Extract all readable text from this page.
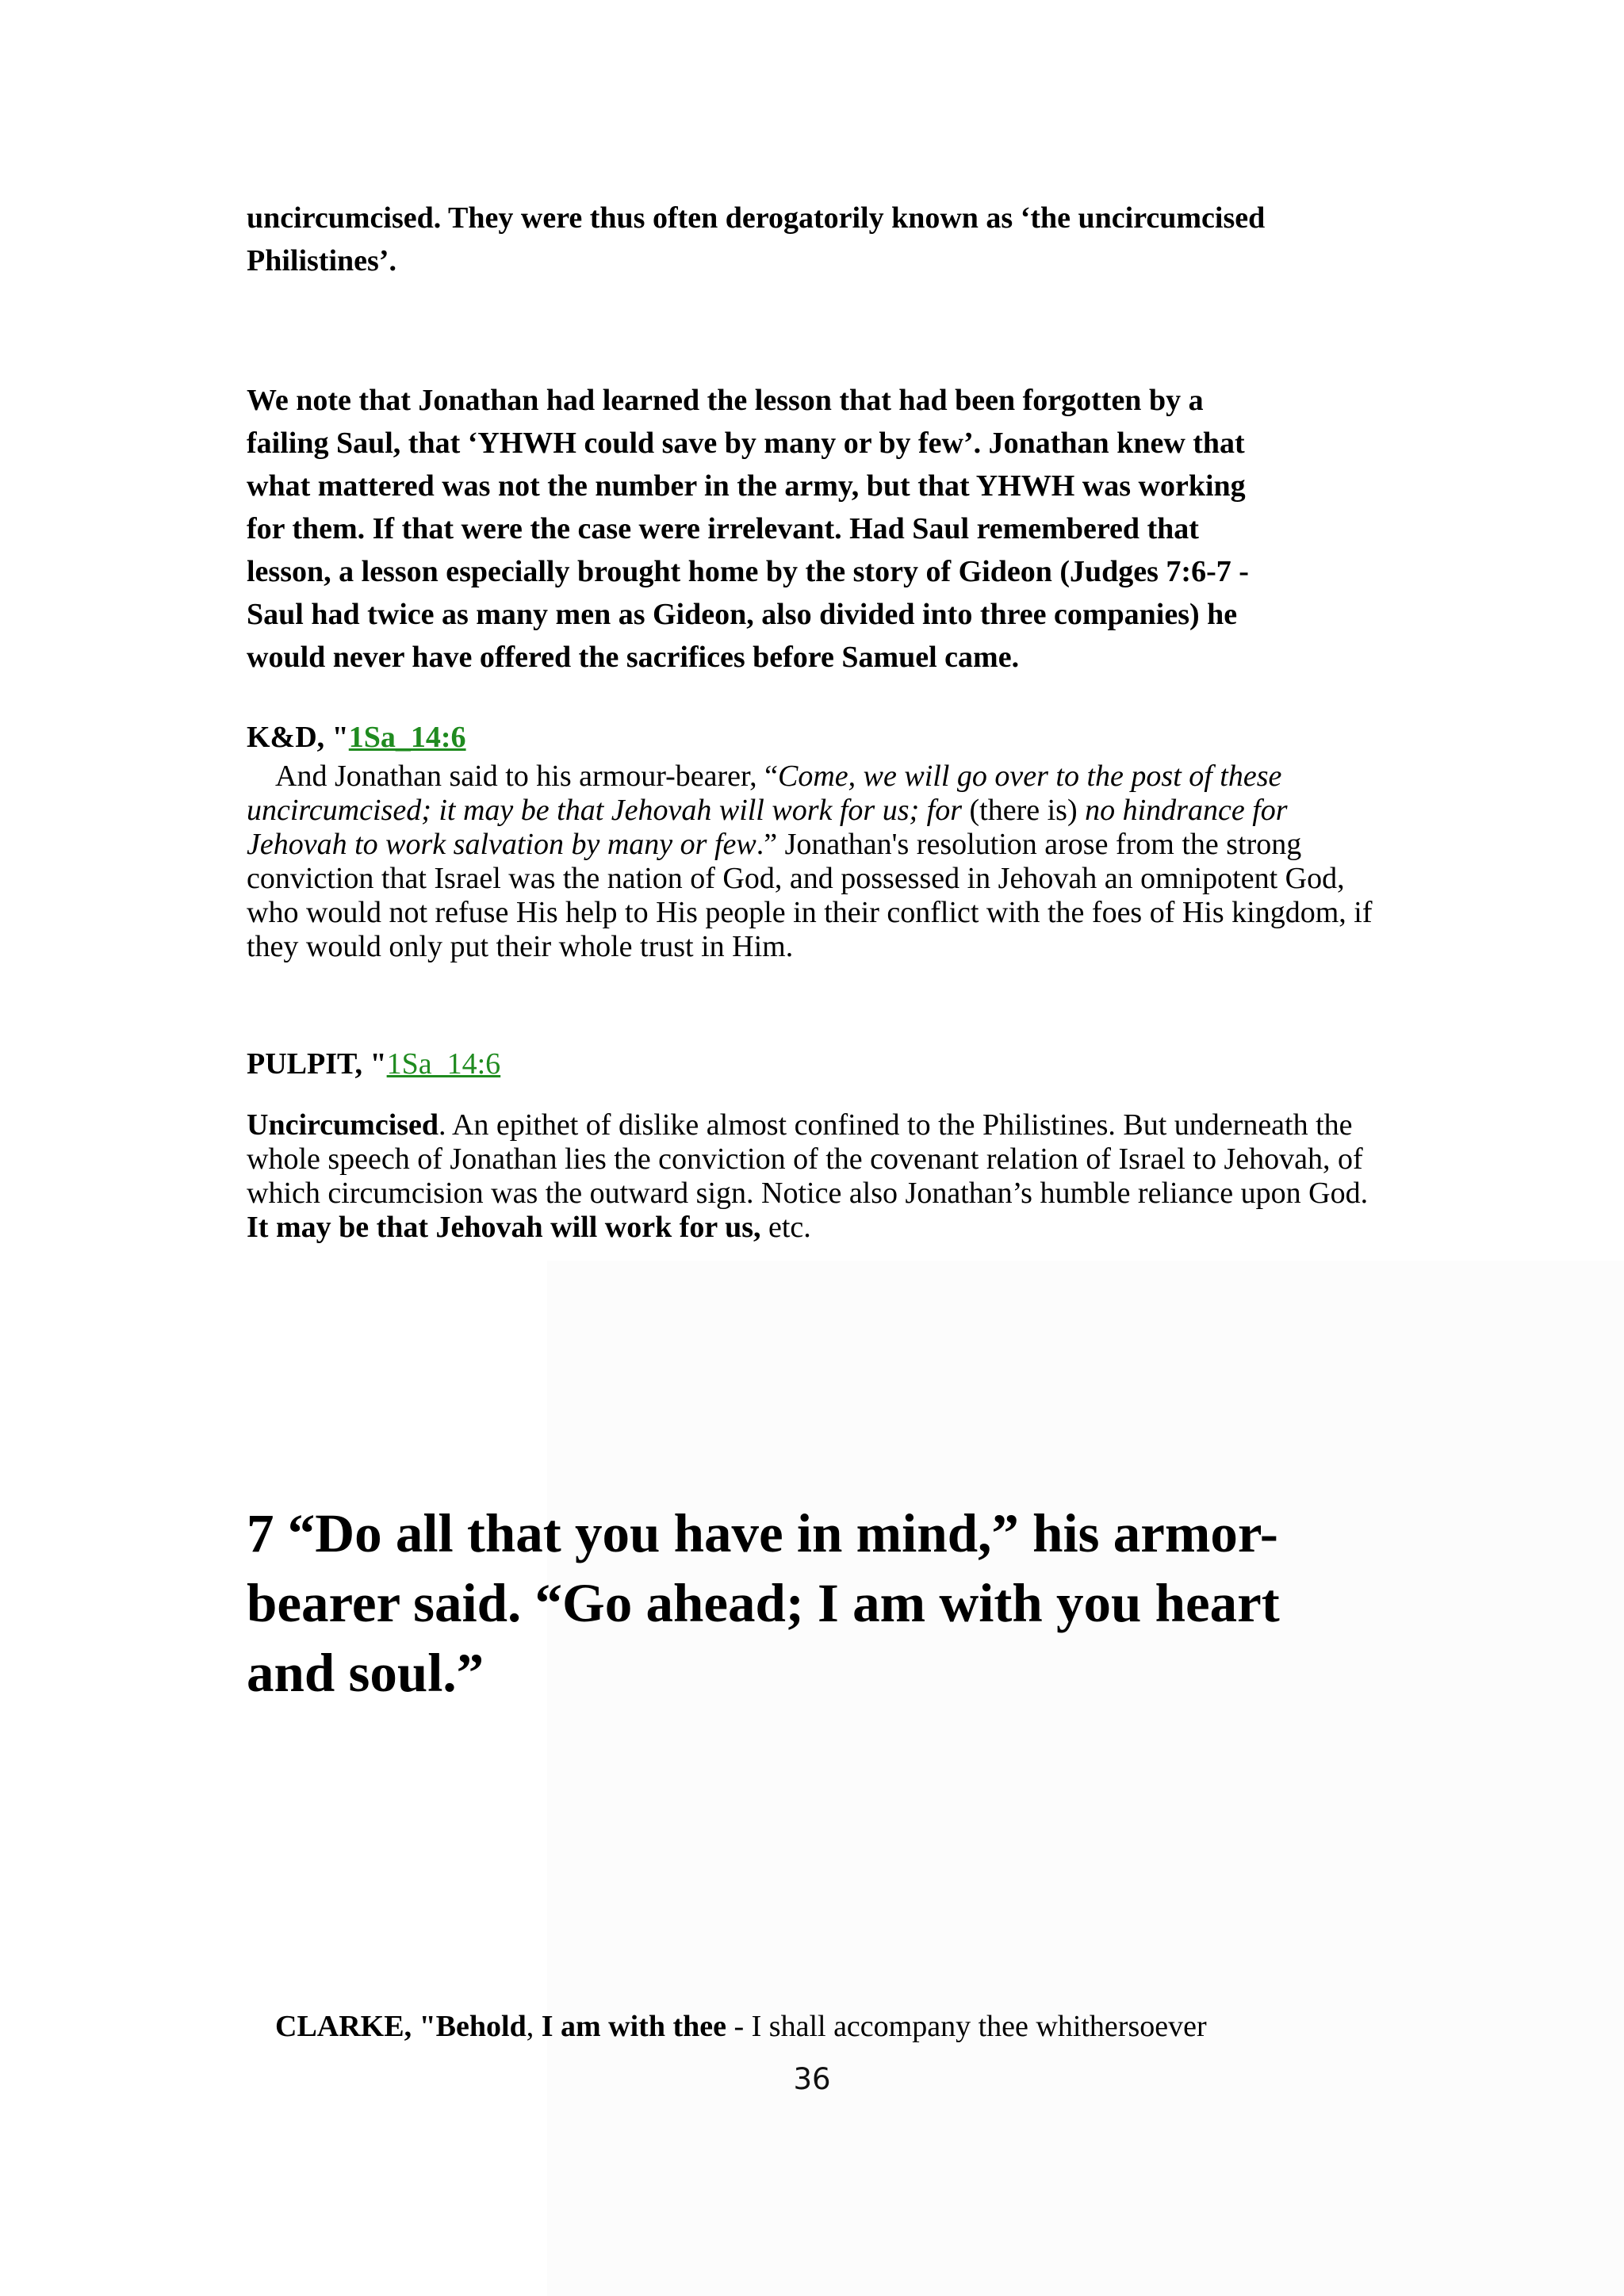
uncircumcised. They were thus often derogatorily known as ‘the uncircumcised
Philistines’.

We note that Jonathan had learned the lesson that had been forgotten by a
failing Saul, that ‘YHWH could save by many or by few’. Jonathan knew that
what mattered was not the number in the army, but that YHWH was working
for them. If that were the case were irrelevant. Had Saul remembered that
lesson, a lesson especially brought home by the story of Gideon (Judges 7:6-7 -
Saul had twice as many men as Gideon, also divided into three companies) he
would never have offered the sacrifices before Samuel came.

K&D, "1Sa_14:6

And Jonathan said to his armour-bearer, “Come, we will go over to the post of these uncircumcised; it may be that Jehovah will work for us; for (there is) no hindrance for Jehovah to work salvation by many or few.” Jonathan's resolution arose from the strong conviction that Israel was the nation of God, and possessed in Jehovah an omnipotent God, who would not refuse His help to His people in their conflict with the foes of His kingdom, if they would only put their whole trust in Him.

PULPIT, "1Sa_14:6

Uncircumcised. An epithet of dislike almost confined to the Philistines. But underneath the whole speech of Jonathan lies the conviction of the covenant relation of Israel to Jehovah, of which circumcision was the outward sign. Notice also Jonathan’s humble reliance upon God. It may be that Jehovah will work for us, etc.

7 “Do all that you have in mind,” his armor-
bearer said. “Go ahead; I am with you heart
and soul.”

CLARKE, "Behold, I am with thee - I shall accompany thee whithersoever

36
